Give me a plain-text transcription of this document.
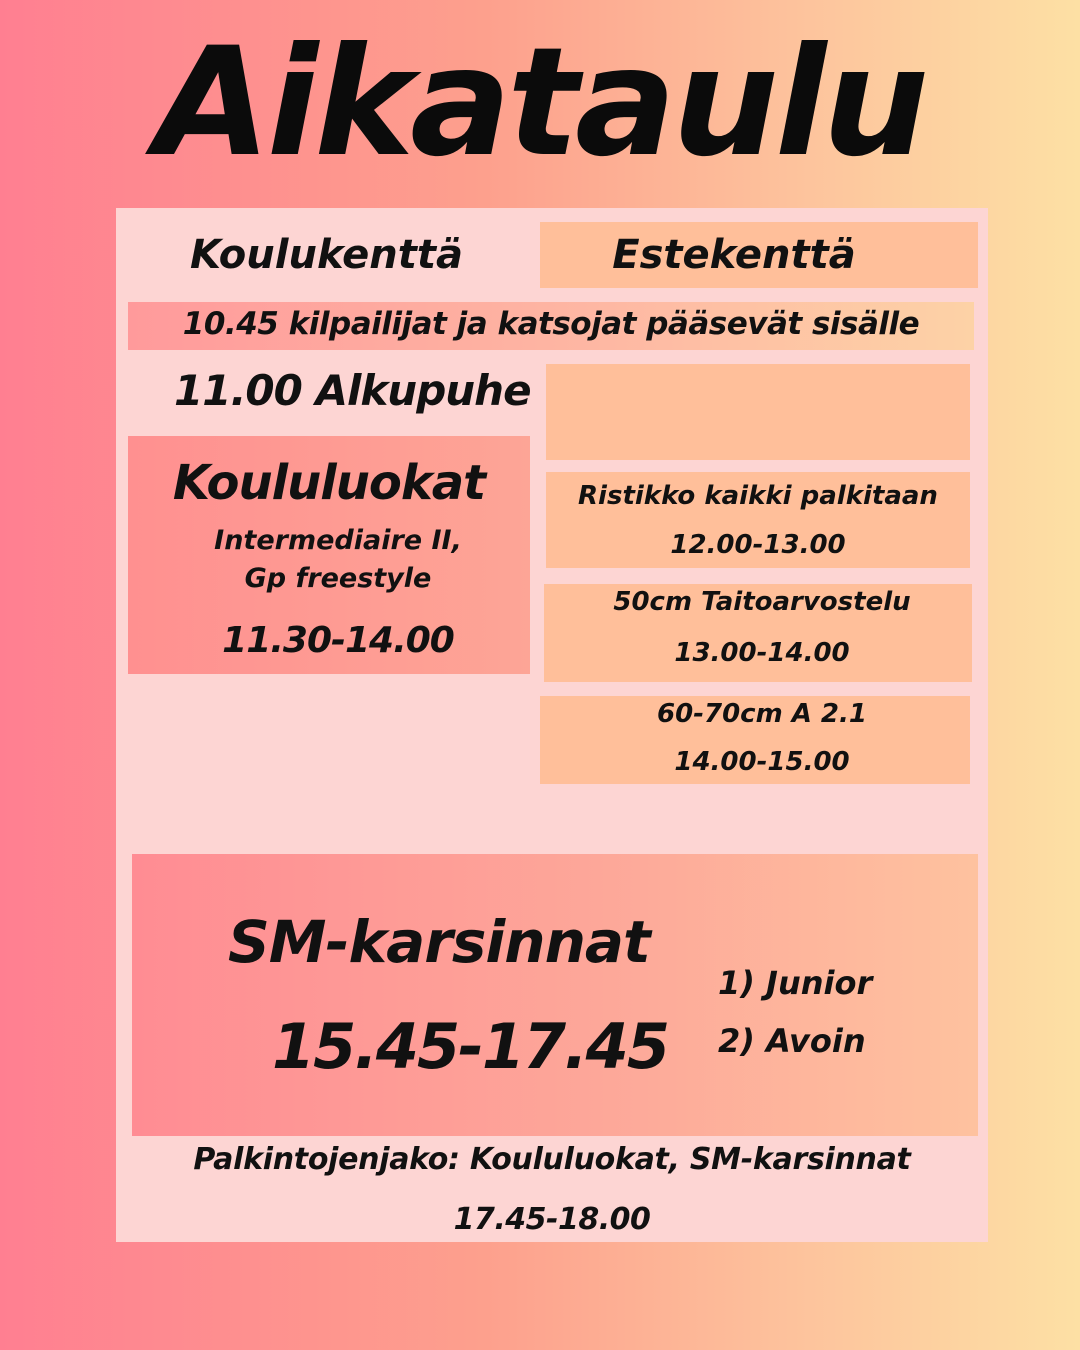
Aikataulu
Koulukenttä	Estekenttä
10.45 kilpailijat ja katsojat pääsevät sisälle
11.00 Alkupuhe
Koululuokat
Intermediaire II,
Gp freestyle
11.30-14.00
Ristikko kaikki palkitaan
12.00-13.00
50cm Taitoarvostelu
13.00-14.00
60-70cm A 2.1
14.00-15.00
SM-karsinnat
15.45-17.45
1) Junior
2) Avoin
Palkintojenjako: Koululuokat, SM-karsinnat
17.45-18.00
